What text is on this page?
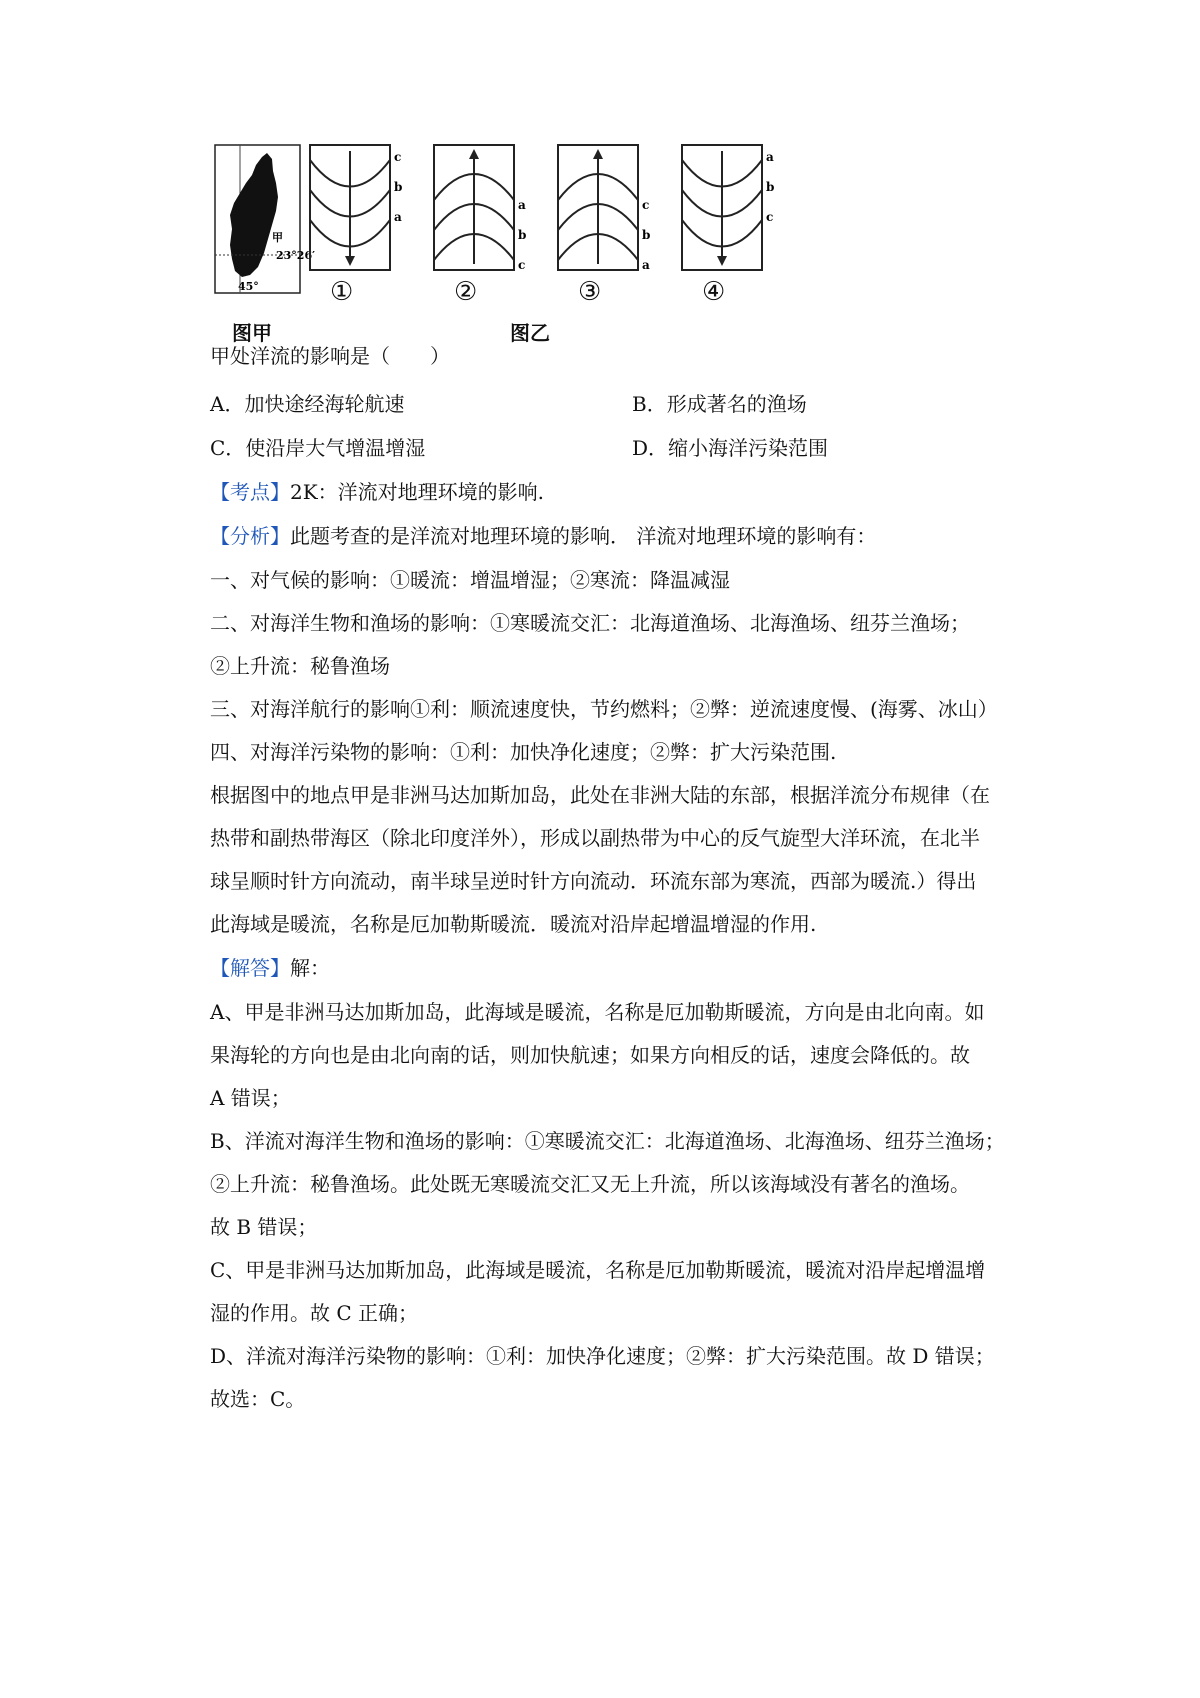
甲
23°26′
45°
c
b
a
a
b
c
c
b
a
a
b
c
①	②	③	④
图甲	图乙
甲处洋流的影响是（　　）
A．加快途经海轮航速	B．形成著名的渔场
C．使沿岸大气增温增湿	D．缩小海洋污染范围
【考点】2K：洋流对地理环境的影响.
【分析】此题考查的是洋流对地理环境的影响． 洋流对地理环境的影响有：
一、对气候的影响：①暖流：增温增湿；②寒流：降温减湿
二、对海洋生物和渔场的影响：①寒暖流交汇：北海道渔场、北海渔场、纽芬兰渔场；
②上升流：秘鲁渔场
三、对海洋航行的影响①利：顺流速度快，节约燃料；②弊：逆流速度慢、(海雾、冰山）
四、对海洋污染物的影响：①利：加快净化速度；②弊：扩大污染范围.
根据图中的地点甲是非洲马达加斯加岛，此处在非洲大陆的东部，根据洋流分布规律（在
热带和副热带海区（除北印度洋外），形成以副热带为中心的反气旋型大洋环流，在北半
球呈顺时针方向流动，南半球呈逆时针方向流动．环流东部为寒流，西部为暖流.）得出
此海域是暖流，名称是厄加勒斯暖流．暖流对沿岸起增温增湿的作用.
【解答】解：
A、甲是非洲马达加斯加岛，此海域是暖流，名称是厄加勒斯暖流，方向是由北向南。如
果海轮的方向也是由北向南的话，则加快航速；如果方向相反的话，速度会降低的。故
A 错误；
B、洋流对海洋生物和渔场的影响：①寒暖流交汇：北海道渔场、北海渔场、纽芬兰渔场；
②上升流：秘鲁渔场。此处既无寒暖流交汇又无上升流，所以该海域没有著名的渔场。
故 B 错误；
C、甲是非洲马达加斯加岛，此海域是暖流，名称是厄加勒斯暖流，暖流对沿岸起增温增
湿的作用。故 C 正确；
D、洋流对海洋污染物的影响：①利：加快净化速度；②弊：扩大污染范围。故 D 错误；
故选：C。
